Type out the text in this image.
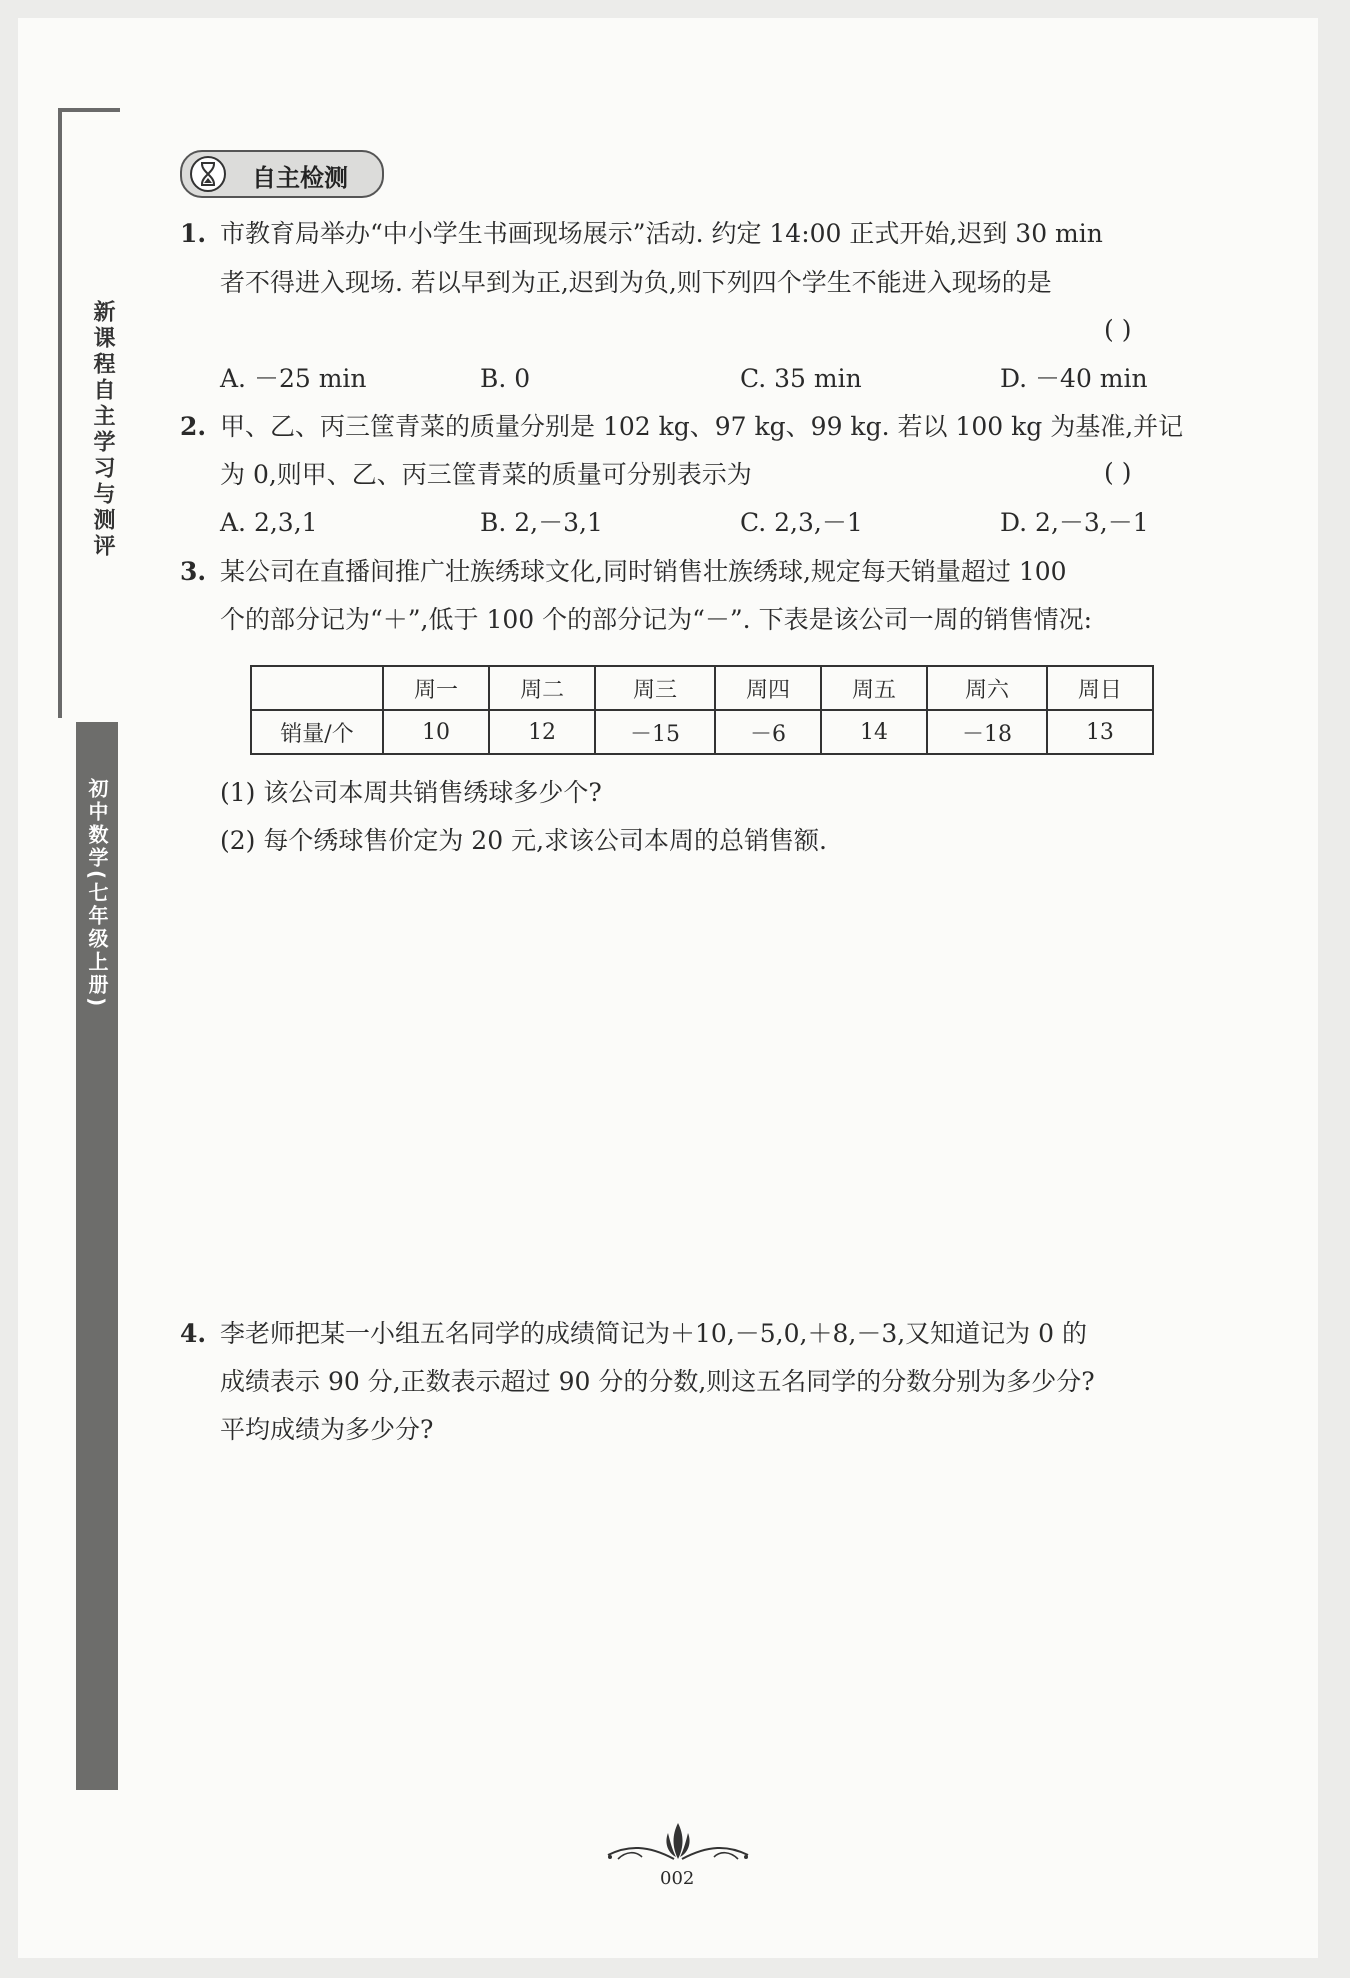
新课程自主学习与测评
初中数学(七年级上册)
自主检测
1. 市教育局举办“中小学生书画现场展示”活动. 约定 14:00 正式开始,迟到 30 min
者不得进入现场. 若以早到为正,迟到为负,则下列四个学生不能进入现场的是
( )
A. －25 min	B. 0	C. 35 min	D. －40 min
2. 甲、乙、丙三筐青菜的质量分别是 102 kg、97 kg、99 kg. 若以 100 kg 为基准,并记
为 0,则甲、乙、丙三筐青菜的质量可分别表示为	( )
A. 2,3,1	B. 2,－3,1	C. 2,3,－1	D. 2,－3,－1
3. 某公司在直播间推广壮族绣球文化,同时销售壮族绣球,规定每天销量超过 100
个的部分记为“＋”,低于 100 个的部分记为“－”. 下表是该公司一周的销售情况:
	周一	周二	周三	周四	周五	周六	周日
销量/个	10	12	－15	－6	14	－18	13
(1) 该公司本周共销售绣球多少个?
(2) 每个绣球售价定为 20 元,求该公司本周的总销售额.
4. 李老师把某一小组五名同学的成绩简记为＋10,－5,0,＋8,－3,又知道记为 0 的
成绩表示 90 分,正数表示超过 90 分的分数,则这五名同学的分数分别为多少分?
平均成绩为多少分?
002
